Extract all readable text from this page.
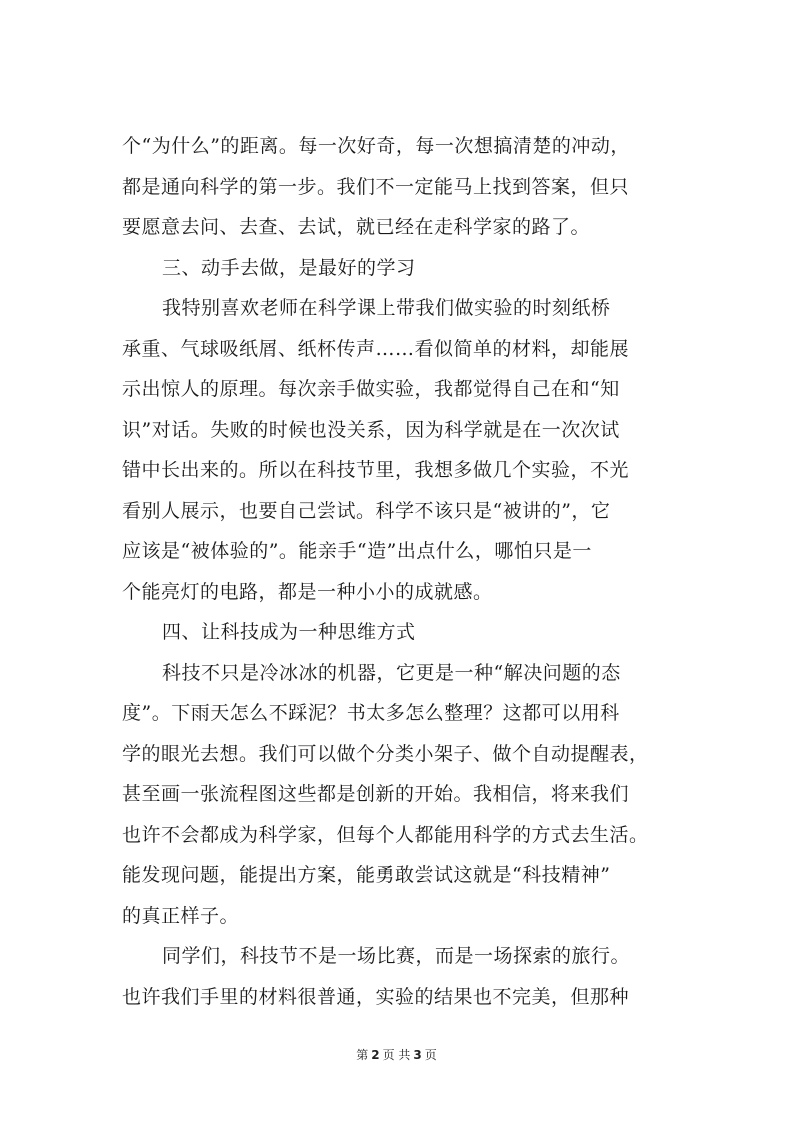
个“为什么”的距离。每一次好奇，每一次想搞清楚的冲动，
都是通向科学的第一步。我们不一定能马上找到答案，但只
要愿意去问、去查、去试，就已经在走科学家的路了。
三、动手去做，是最好的学习
我特别喜欢老师在科学课上带我们做实验的时刻纸桥
承重、气球吸纸屑、纸杯传声……看似简单的材料，却能展
示出惊人的原理。每次亲手做实验，我都觉得自己在和“知
识”对话。失败的时候也没关系，因为科学就是在一次次试
错中长出来的。所以在科技节里，我想多做几个实验，不光
看别人展示，也要自己尝试。科学不该只是“被讲的”，它
应该是“被体验的”。能亲手“造”出点什么，哪怕只是一
个能亮灯的电路，都是一种小小的成就感。
四、让科技成为一种思维方式
科技不只是冷冰冰的机器，它更是一种“解决问题的态
度”。下雨天怎么不踩泥？书太多怎么整理？这都可以用科
学的眼光去想。我们可以做个分类小架子、做个自动提醒表，
甚至画一张流程图这些都是创新的开始。我相信，将来我们
也许不会都成为科学家，但每个人都能用科学的方式去生活。
能发现问题，能提出方案，能勇敢尝试这就是“科技精神”
的真正样子。
同学们，科技节不是一场比赛，而是一场探索的旅行。
也许我们手里的材料很普通，实验的结果也不完美，但那种
第 2 页 共 3 页
